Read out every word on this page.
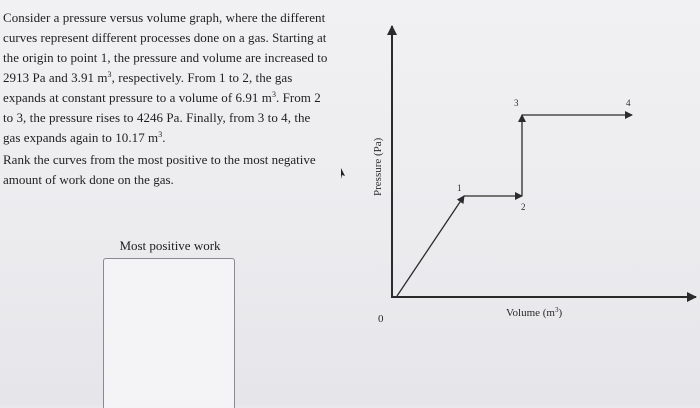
Consider a pressure versus volume graph, where the different
curves represent different processes done on a gas. Starting at
the origin to point 1, the pressure and volume are increased to
2913 Pa and 3.91 $m^3$, respectively. From 1 to 2, the gas
expands at constant pressure to a volume of 6.91 $m^3$. From 2
to 3, the pressure rises to 4246 Pa. Finally, from 3 to 4, the
gas expands again to 10.17 $m^3$.
Rank the curves from the most positive to the most negative
amount of work done on the gas.
Most positive work
1
2
3	4
Pressure (Pa)
0	Volume $(m^3)$
